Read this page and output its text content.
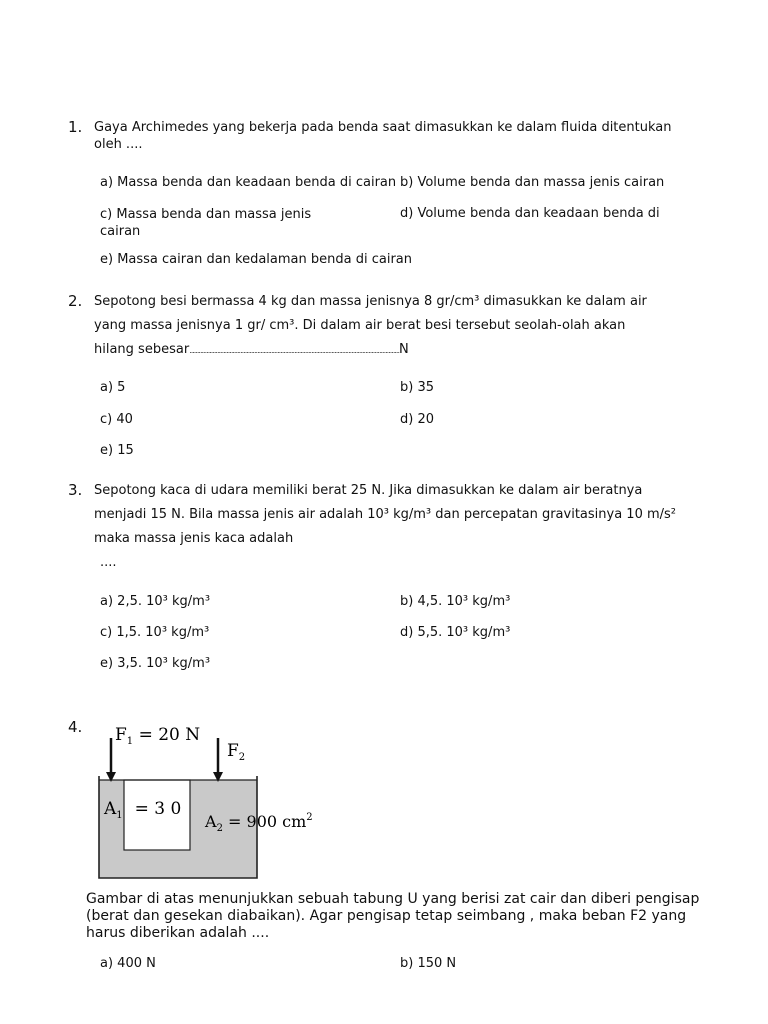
1. Gaya Archimedes yang bekerja pada benda saat dimasukkan ke dalam fluida ditentukan oleh ....
a) Massa benda dan keadaan benda di cairan b) Volume benda dan massa jenis cairan
c) Massa benda dan massa jenis cairan
d) Volume benda dan keadaan benda di
e) Massa cairan dan kedalaman benda di cairan
2. Sepotong besi bermassa 4 kg dan massa jenisnya 8 gr/cm³ dimasukkan ke dalam air
yang massa jenisnya 1 gr/ cm³. Di dalam air berat besi tersebut seolah-olah akan
hilang sebesar........................................................................................................................................N
a) 5	b) 35
c) 40	d) 20
e) 15
3. Sepotong kaca di udara memiliki berat 25 N. Jika dimasukkan ke dalam air beratnya
menjadi 15 N. Bila massa jenis air adalah 10³ kg/m³ dan percepatan gravitasinya 10 m/s²
maka massa jenis kaca adalah
....
a) 2,5. 10³ kg/m³	b) 4,5. 10³ kg/m³
c) 1,5. 10³ kg/m³	d) 5,5. 10³ kg/m³
e) 3,5. 10³ kg/m³
4. $F_1 = 20$ N
$F_2$
$A_1 = 3$ 0
$A_2 = 900$ $cm^2$
Gambar di atas menunjukkan sebuah tabung U yang berisi zat cair dan diberi pengisap (berat dan gesekan diabaikan). Agar pengisap tetap seimbang , maka beban F2 yang harus diberikan adalah ....
a) 400 N	b) 150 N
